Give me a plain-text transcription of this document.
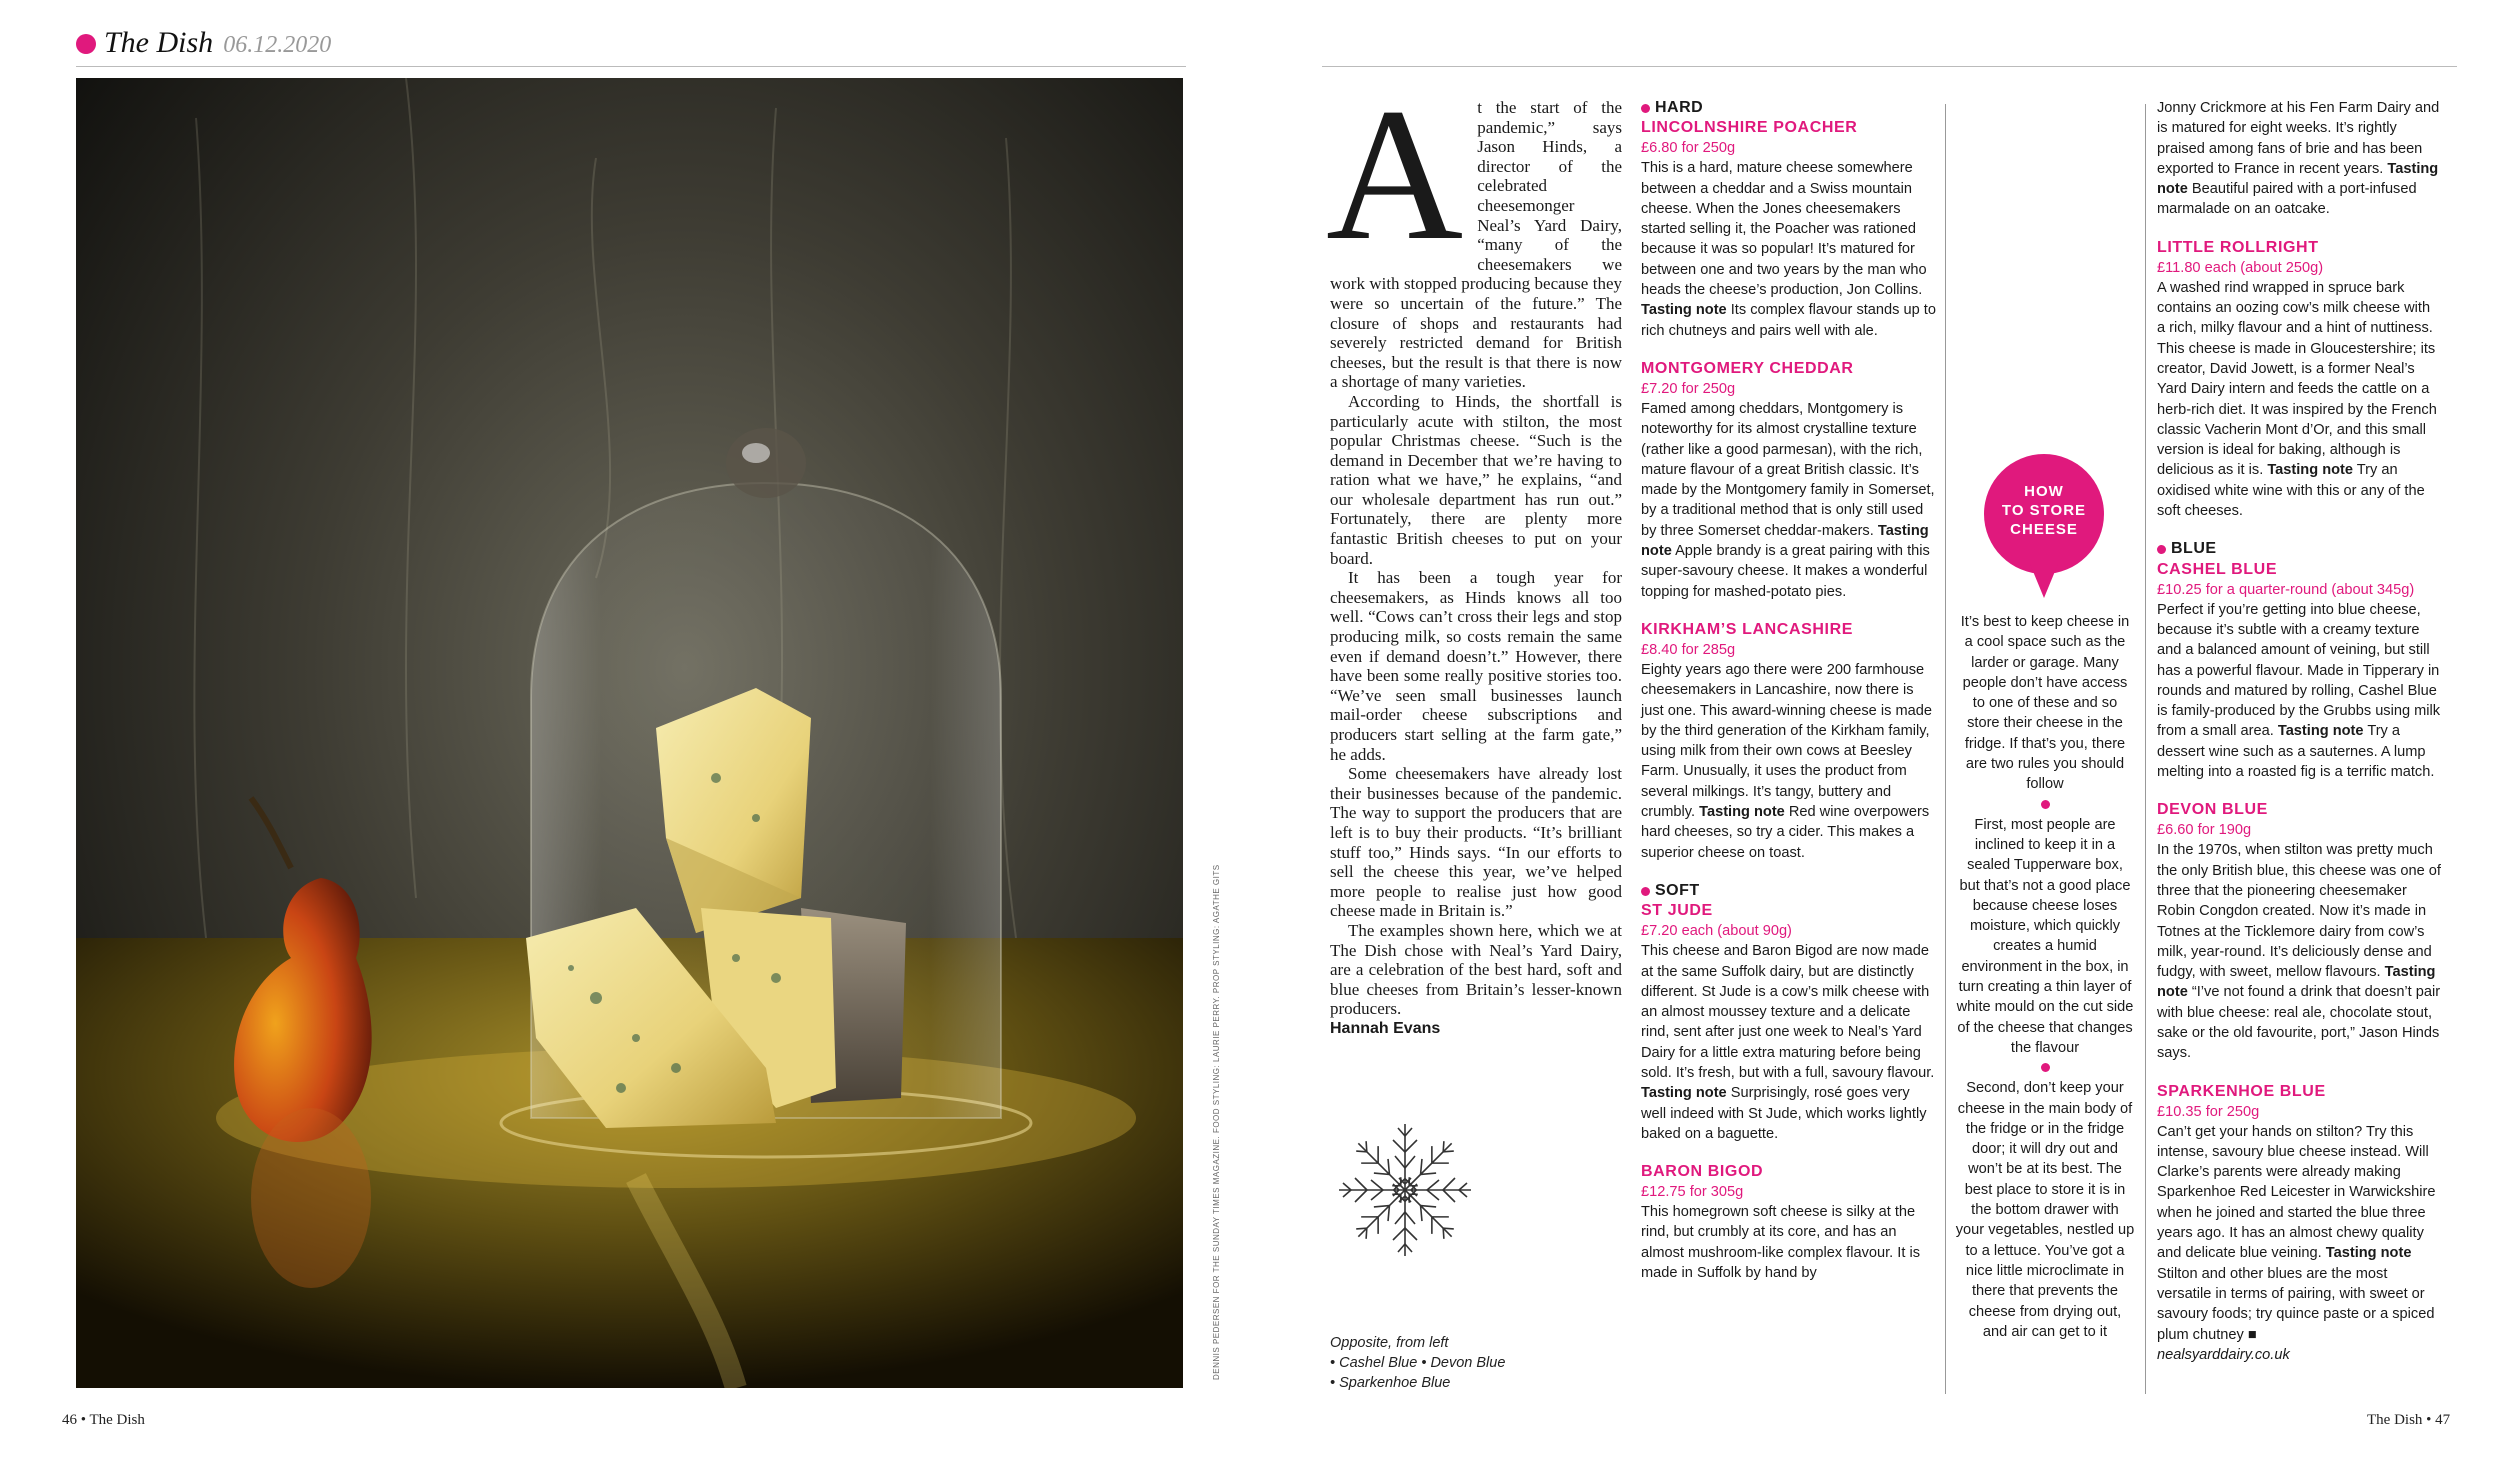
The Dish 06.12.2020
DENNIS PEDERSEN FOR THE SUNDAY TIMES MAGAZINE. FOOD STYLING: LAURIE PERRY. PROP STYLING: AGATHE GITS
46 • The Dish
A t the start of the pandemic,” says Jason Hinds, a director of the celebrated cheesemonger Neal’s Yard Dairy, “many of the cheesemakers we work with stopped producing because they were so uncertain of the future.” The closure of shops and restaurants had severely restricted demand for British cheeses, but the result is that there is now a shortage of many varieties.

According to Hinds, the shortfall is particularly acute with stilton, the most popular Christmas cheese. “Such is the demand in December that we’re having to ration what we have,” he explains, “and our wholesale department has run out.” Fortunately, there are plenty more fantastic British cheeses to put on your board.

It has been a tough year for cheesemakers, as Hinds knows all too well. “Cows can’t cross their legs and stop producing milk, so costs remain the same even if demand doesn’t.” However, there have been some really positive stories too. “We’ve seen small businesses launch mail-order cheese subscriptions and producers start selling at the farm gate,” he adds.

Some cheesemakers have already lost their businesses because of the pandemic. The way to support the producers that are left is to buy their products. “It’s brilliant stuff too,” Hinds says. “In our efforts to sell the cheese this year, we’ve helped more people to realise just how good cheese made in Britain is.”

The examples shown here, which we at The Dish chose with Neal’s Yard Dairy, are a celebration of the best hard, soft and blue cheeses from Britain’s lesser-known producers.

Hannah Evans
Opposite, from left
• Cashel Blue • Devon Blue
• Sparkenhoe Blue
HARD
LINCOLNSHIRE POACHER
£6.80 for 250g
This is a hard, mature cheese somewhere between a cheddar and a Swiss mountain cheese. When the Jones cheesemakers started selling it, the Poacher was rationed because it was so popular! It’s matured for between one and two years by the man who heads the cheese’s production, Jon Collins. Tasting note Its complex flavour stands up to rich chutneys and pairs well with ale.
MONTGOMERY CHEDDAR
£7.20 for 250g
Famed among cheddars, Montgomery is noteworthy for its almost crystalline texture (rather like a good parmesan), with the rich, mature flavour of a great British classic. It’s made by the Montgomery family in Somerset, by a traditional method that is only still used by three Somerset cheddar-makers. Tasting note Apple brandy is a great pairing with this super-savoury cheese. It makes a wonderful topping for mashed-potato pies.
KIRKHAM’S LANCASHIRE
£8.40 for 285g
Eighty years ago there were 200 farmhouse cheesemakers in Lancashire, now there is just one. This award-winning cheese is made by the third generation of the Kirkham family, using milk from their own cows at Beesley Farm. Unusually, it uses the product from several milkings. It’s tangy, buttery and crumbly. Tasting note Red wine overpowers hard cheeses, so try a cider. This makes a superior cheese on toast.
SOFT
ST JUDE
£7.20 each (about 90g)
This cheese and Baron Bigod are now made at the same Suffolk dairy, but are distinctly different. St Jude is a cow’s milk cheese with an almost moussey texture and a delicate rind, sent after just one week to Neal’s Yard Dairy for a little extra maturing before being sold. It’s fresh, but with a full, savoury flavour. Tasting note Surprisingly, rosé goes very well indeed with St Jude, which works lightly baked on a baguette.
BARON BIGOD
£12.75 for 305g
This homegrown soft cheese is silky at the rind, but crumbly at its core, and has an almost mushroom-like complex flavour. It is made in Suffolk by hand by
HOW
TO STORE
CHEESE

It’s best to keep cheese in a cool space such as the larder or garage. Many people don’t have access to one of these and so store their cheese in the fridge. If that’s you, there are two rules you should follow

First, most people are inclined to keep it in a sealed Tupperware box, but that’s not a good place because cheese loses moisture, which quickly creates a humid environment in the box, in turn creating a thin layer of white mould on the cut side of the cheese that changes the flavour

Second, don’t keep your cheese in the main body of the fridge or in the fridge door; it will dry out and won’t be at its best. The best place to store it is in the bottom drawer with your vegetables, nestled up to a lettuce. You’ve got a nice little microclimate in there that prevents the cheese from drying out, and air can get to it

Jonny Crickmore at his Fen Farm Dairy and is matured for eight weeks. It’s rightly praised among fans of brie and has been exported to France in recent years. Tasting note Beautiful paired with a port-infused marmalade on an oatcake.
LITTLE ROLLRIGHT
£11.80 each (about 250g)
A washed rind wrapped in spruce bark contains an oozing cow’s milk cheese with a rich, milky flavour and a hint of nuttiness. This cheese is made in Gloucestershire; its creator, David Jowett, is a former Neal’s Yard Dairy intern and feeds the cattle on a herb-rich diet. It was inspired by the French classic Vacherin Mont d’Or, and this small version is ideal for baking, although is delicious as it is. Tasting note Try an oxidised white wine with this or any of the soft cheeses.
BLUE
CASHEL BLUE
£10.25 for a quarter-round (about 345g)
Perfect if you’re getting into blue cheese, because it’s subtle with a creamy texture and a balanced amount of veining, but still has a powerful flavour. Made in Tipperary in rounds and matured by rolling, Cashel Blue is family-produced by the Grubbs using milk from a small area. Tasting note Try a dessert wine such as a sauternes. A lump melting into a roasted fig is a terrific match.
DEVON BLUE
£6.60 for 190g
In the 1970s, when stilton was pretty much the only British blue, this cheese was one of three that the pioneering cheesemaker Robin Congdon created. Now it’s made in Totnes at the Ticklemore dairy from cow’s milk, year-round. It’s deliciously dense and fudgy, with sweet, mellow flavours. Tasting note “I’ve not found a drink that doesn’t pair with blue cheese: real ale, chocolate stout, sake or the old favourite, port,” Jason Hinds says.
SPARKENHOE BLUE
£10.35 for 250g
Can’t get your hands on stilton? Try this intense, savoury blue cheese instead. Will Clarke’s parents were already making Sparkenhoe Red Leicester in Warwickshire when he joined and started the blue three years ago. It has an almost chewy quality and delicate blue veining. Tasting note Stilton and other blues are the most versatile in terms of pairing, with sweet or savoury foods; try quince paste or a spiced plum chutney ■
nealsyarddairy.co.uk
The Dish • 47
